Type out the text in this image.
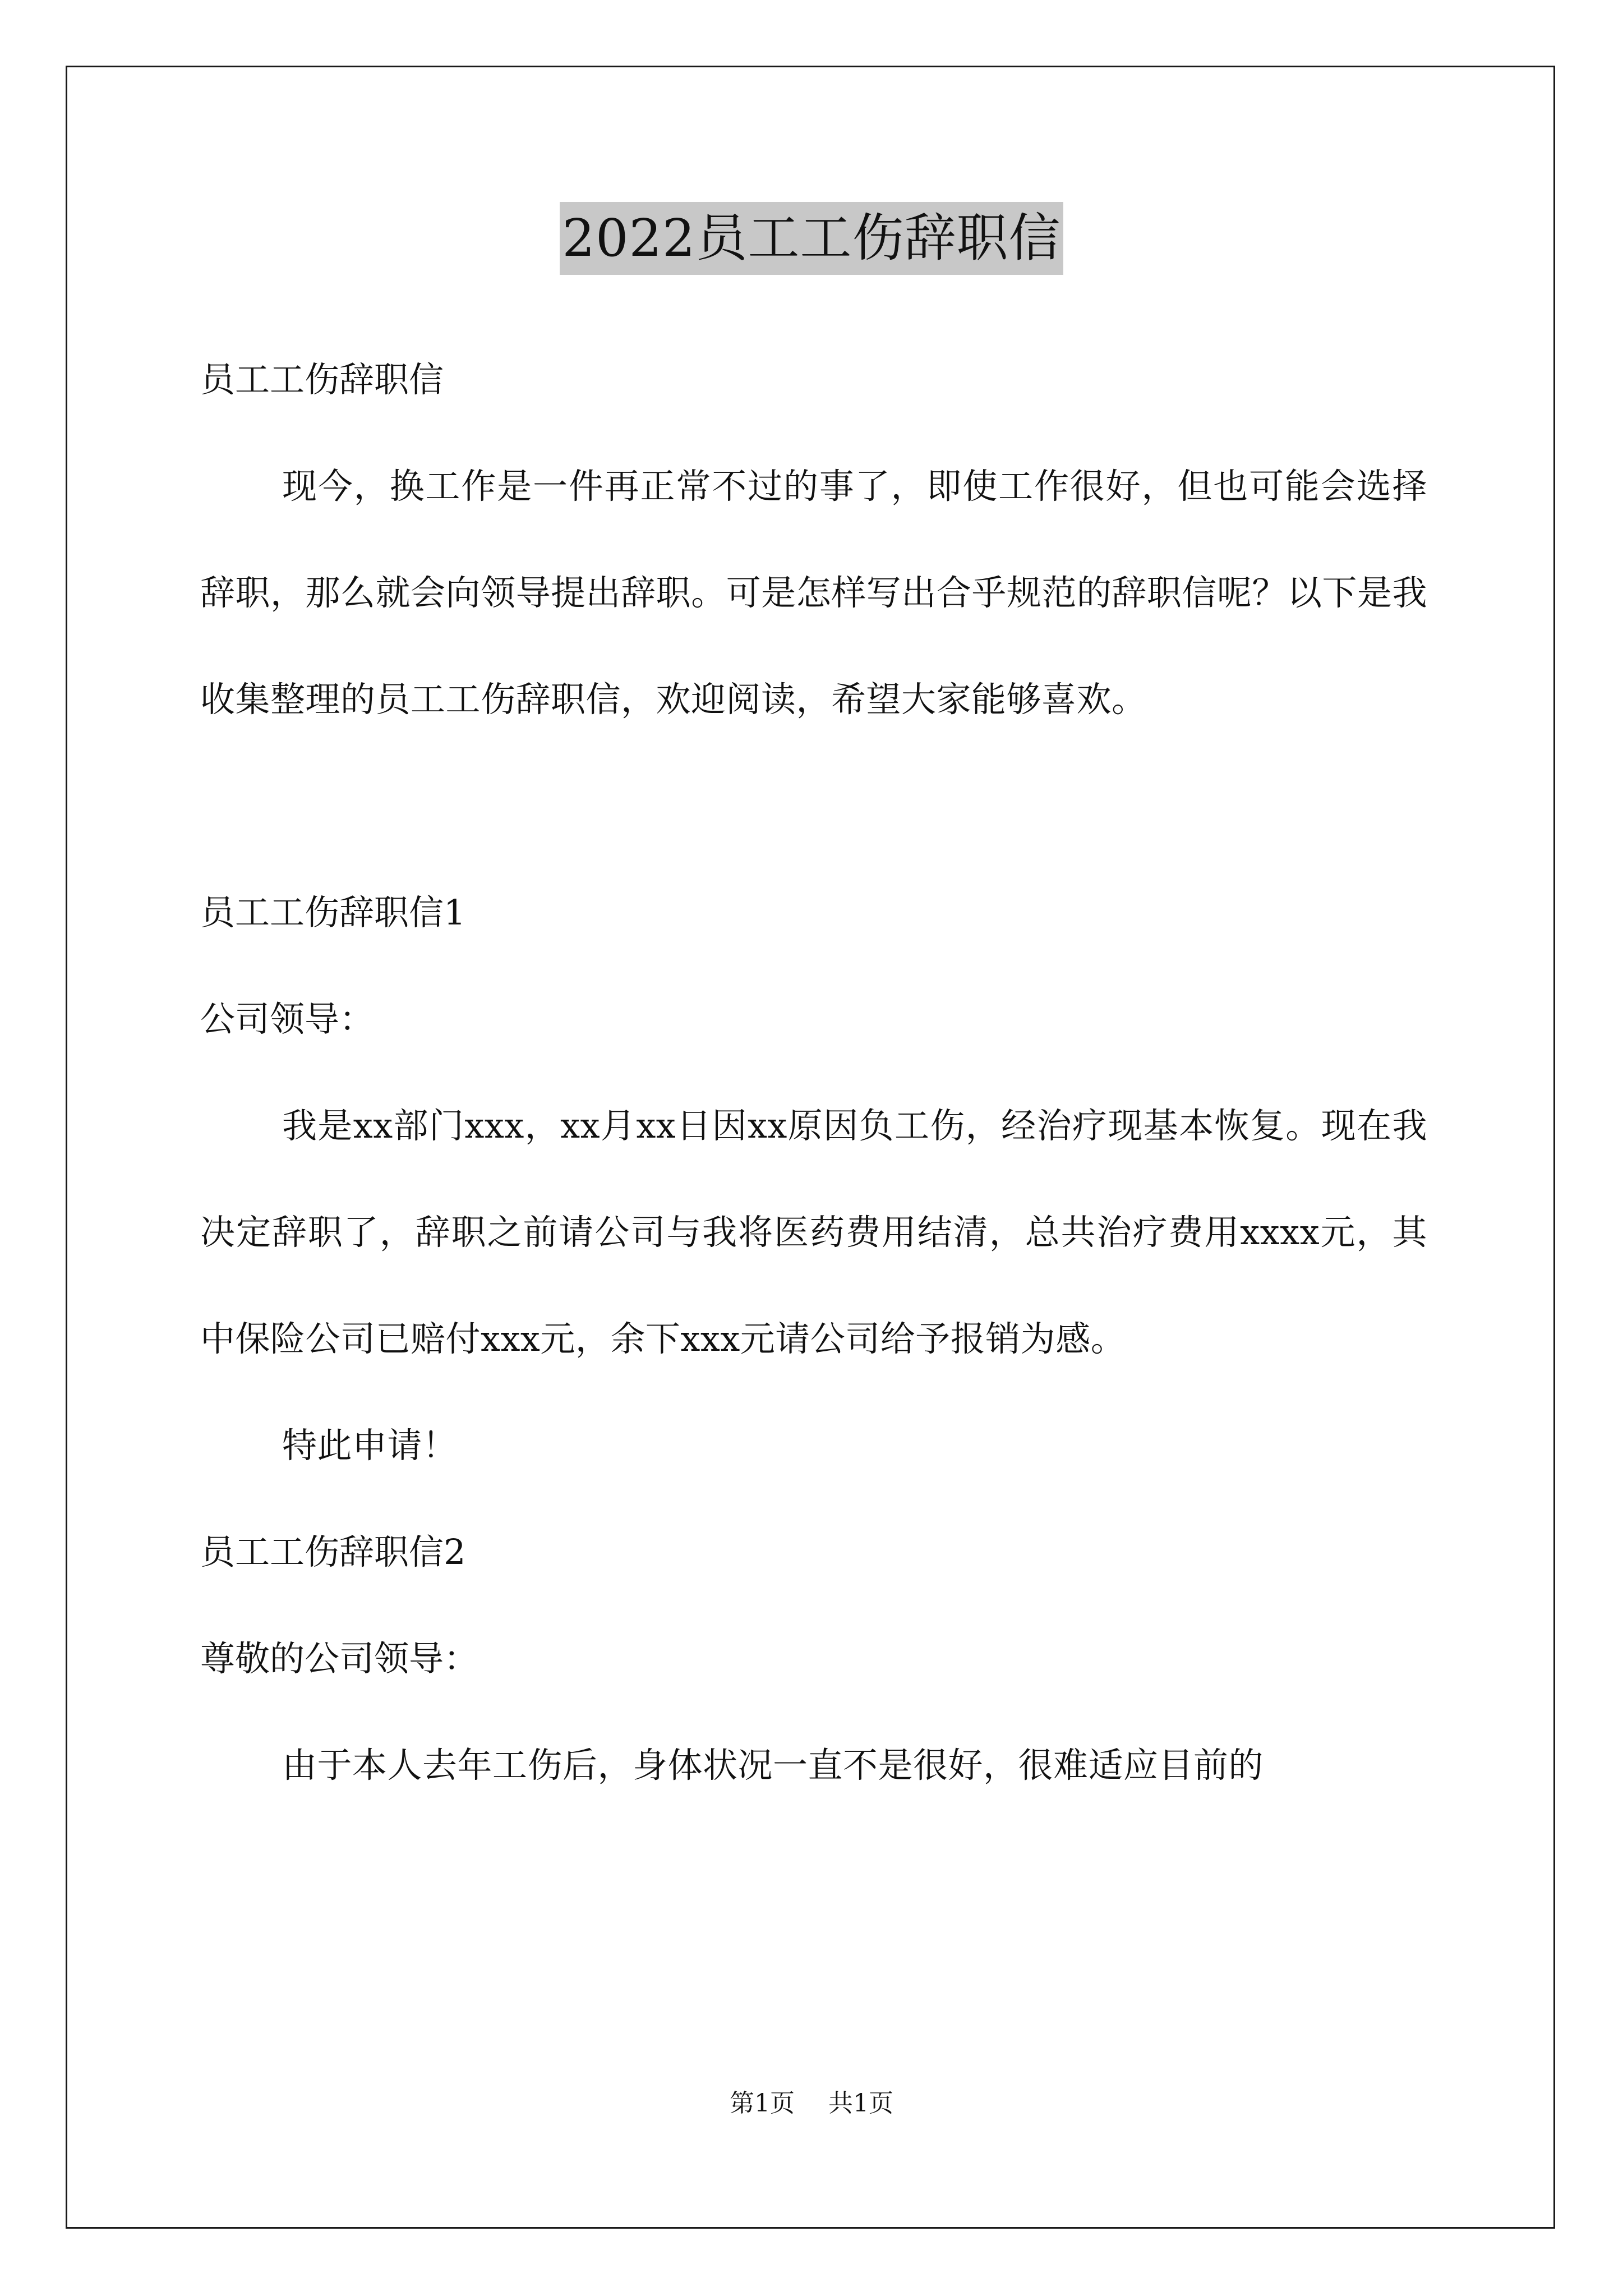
2022员工工伤辞职信

员工工伤辞职信

现今，换工作是一件再正常不过的事了，即使工作很好，但也可能会选择辞职，那么就会向领导提出辞职。可是怎样写出合乎规范的辞职信呢？以下是我收集整理的员工工伤辞职信，欢迎阅读，希望大家能够喜欢。

员工工伤辞职信1

公司领导：

我是xx部门xxx，xx月xx日因xx原因负工伤，经治疗现基本恢复。现在我决定辞职了，辞职之前请公司与我将医药费用结清，总共治疗费用xxxx元，其中保险公司已赔付xxx元，余下xxx元请公司给予报销为感。

特此申请！

员工工伤辞职信2

尊敬的公司领导：

由于本人去年工伤后，身体状况一直不是很好，很难适应目前的

第1页 共1页
